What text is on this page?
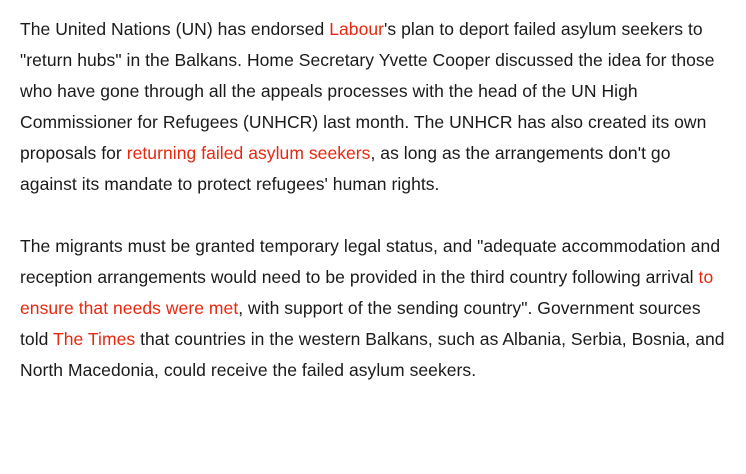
The United Nations (UN) has endorsed Labour's plan to deport failed asylum seekers to "return hubs" in the Balkans. Home Secretary Yvette Cooper discussed the idea for those who have gone through all the appeals processes with the head of the UN High Commissioner for Refugees (UNHCR) last month. The UNHCR has also created its own proposals for returning failed asylum seekers, as long as the arrangements don't go against its mandate to protect refugees' human rights.

The migrants must be granted temporary legal status, and "adequate accommodation and reception arrangements would need to be provided in the third country following arrival to ensure that needs were met, with support of the sending country". Government sources told The Times that countries in the western Balkans, such as Albania, Serbia, Bosnia, and North Macedonia, could receive the failed asylum seekers.
